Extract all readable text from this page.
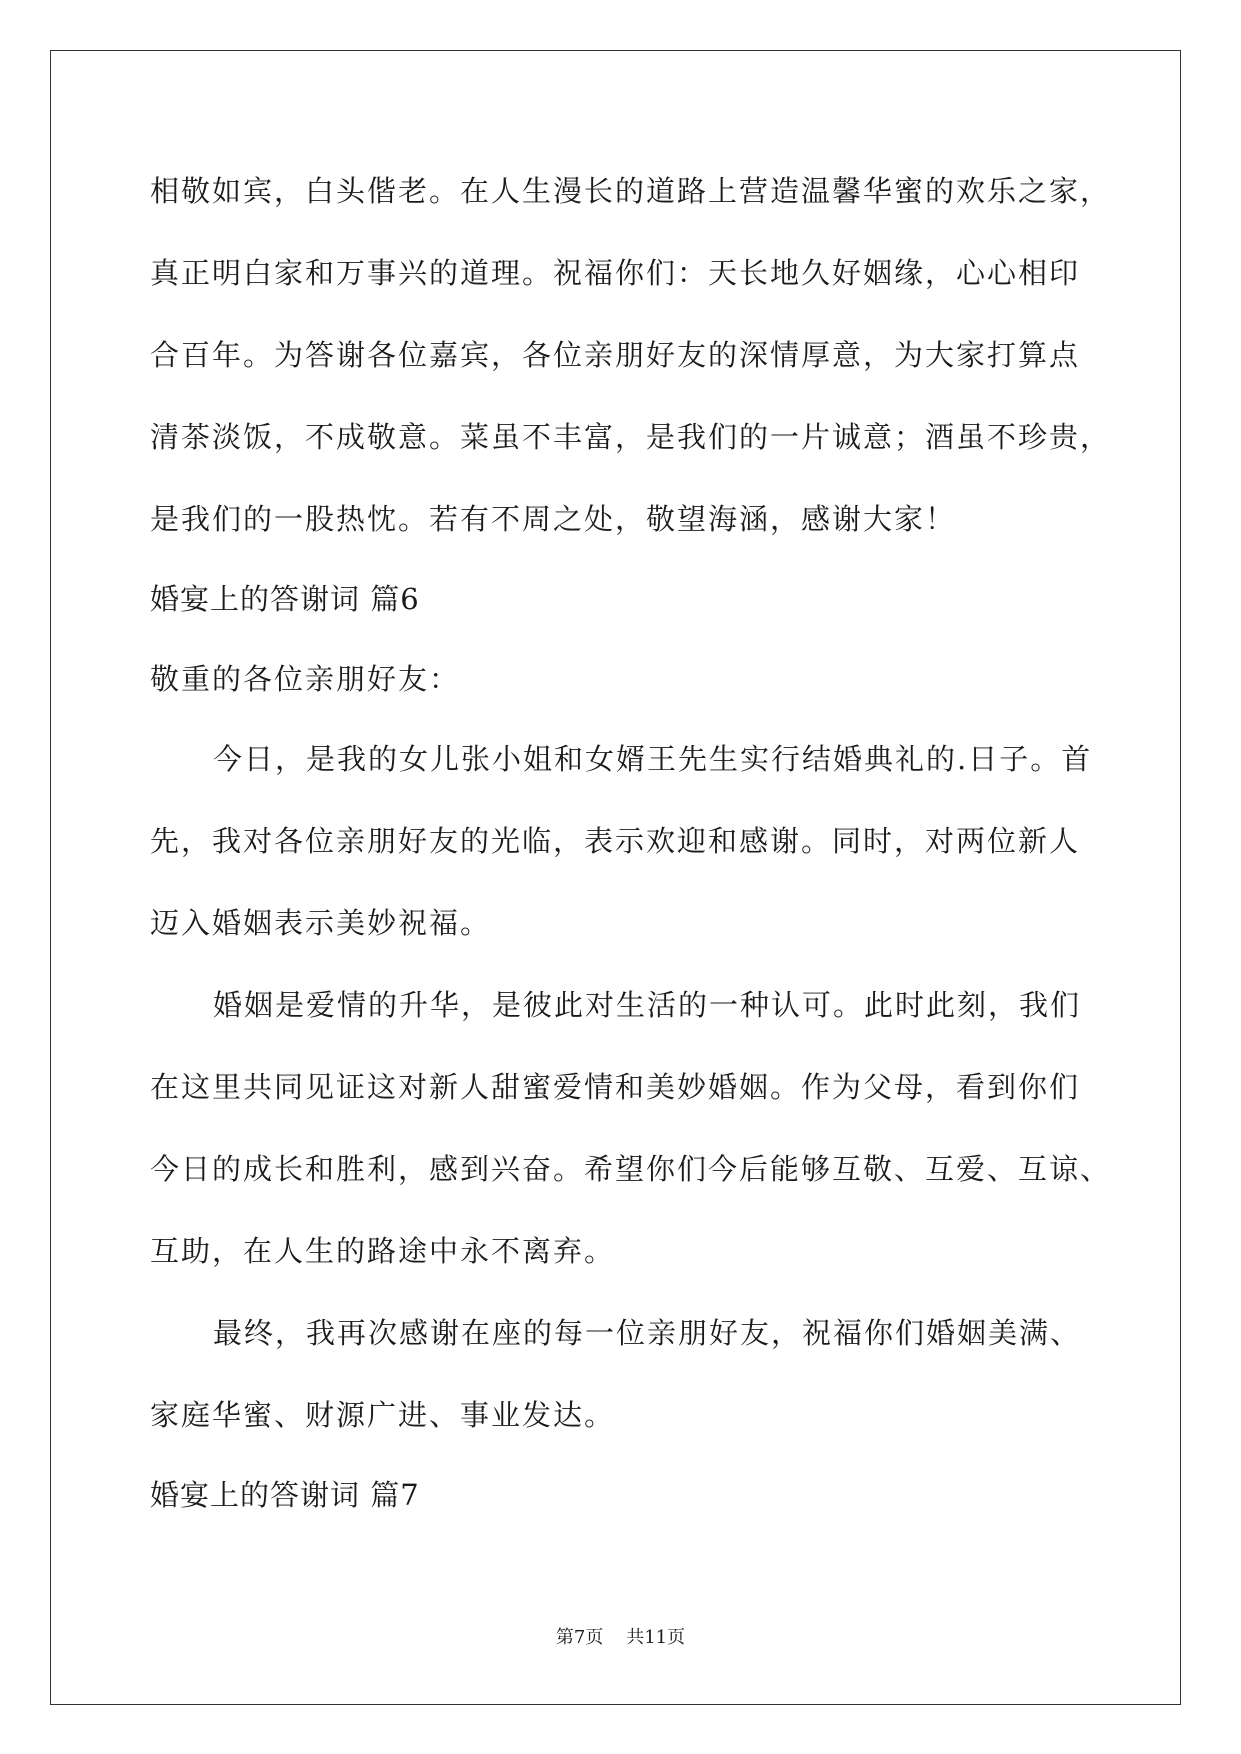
相敬如宾，白头偕老。在人生漫长的道路上营造温馨华蜜的欢乐之家，

真正明白家和万事兴的道理。祝福你们：天长地久好姻缘，心心相印

合百年。为答谢各位嘉宾，各位亲朋好友的深情厚意，为大家打算点

清茶淡饭，不成敬意。菜虽不丰富，是我们的一片诚意；酒虽不珍贵，

是我们的一股热忱。若有不周之处，敬望海涵，感谢大家！

婚宴上的答谢词 篇6

敬重的各位亲朋好友：

今日，是我的女儿张小姐和女婿王先生实行结婚典礼的.日子。首

先，我对各位亲朋好友的光临，表示欢迎和感谢。同时，对两位新人

迈入婚姻表示美妙祝福。

婚姻是爱情的升华，是彼此对生活的一种认可。此时此刻，我们

在这里共同见证这对新人甜蜜爱情和美妙婚姻。作为父母，看到你们

今日的成长和胜利，感到兴奋。希望你们今后能够互敬、互爱、互谅、

互助，在人生的路途中永不离弃。

最终，我再次感谢在座的每一位亲朋好友，祝福你们婚姻美满、

家庭华蜜、财源广进、事业发达。

婚宴上的答谢词 篇7

第7页 共11页
